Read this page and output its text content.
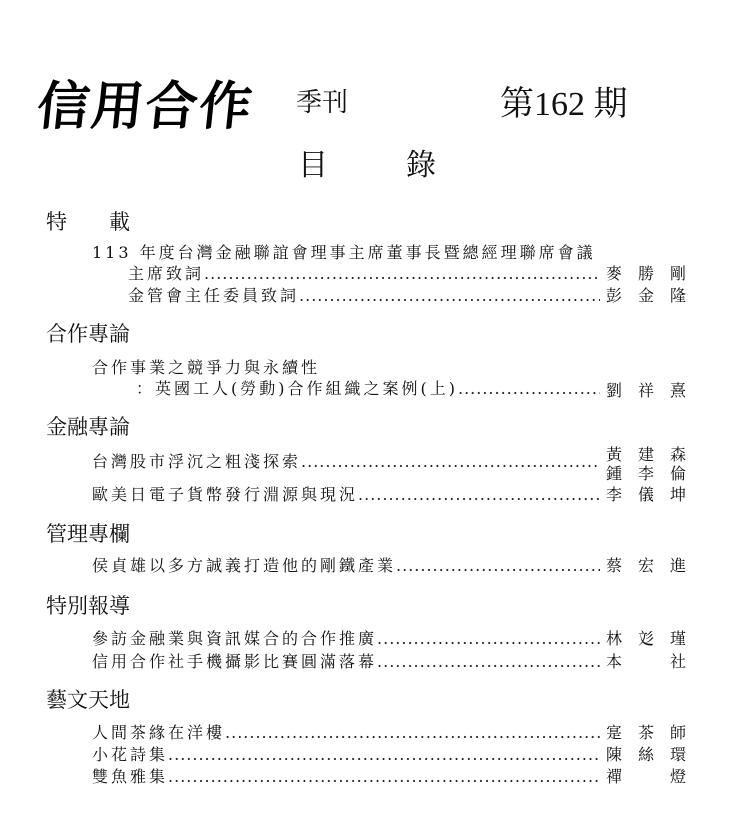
信用合作 季刊	第162 期
目錄
特　　載
113 年度台灣金融聯誼會理事主席董事長暨總經理聯席會議
主席致詞 .....	麥勝剛
金管會主任委員致詞 .....	彭金隆
合作專論
合作事業之競爭力與永續性
：英國工人(勞動)合作組織之案例(上) .....	劉祥熹
金融專論
台灣股市浮沉之粗淺探索 .....	黃建森
鍾李倫
歐美日電子貨幣發行淵源與現況 .....	李儀坤
管理專欄
侯貞雄以多方誠義打造他的剛鐵產業 .....	蔡宏進
特別報導
參訪金融業與資訊媒合的合作推廣 .....	林彣瑾
信用合作社手機攝影比賽圓滿落幕 .....	本社
藝文天地
人間茶緣在洋樓 .....	寔茶師
小花詩集 .....	陳絲環
雙魚雅集 .....	禪燈
